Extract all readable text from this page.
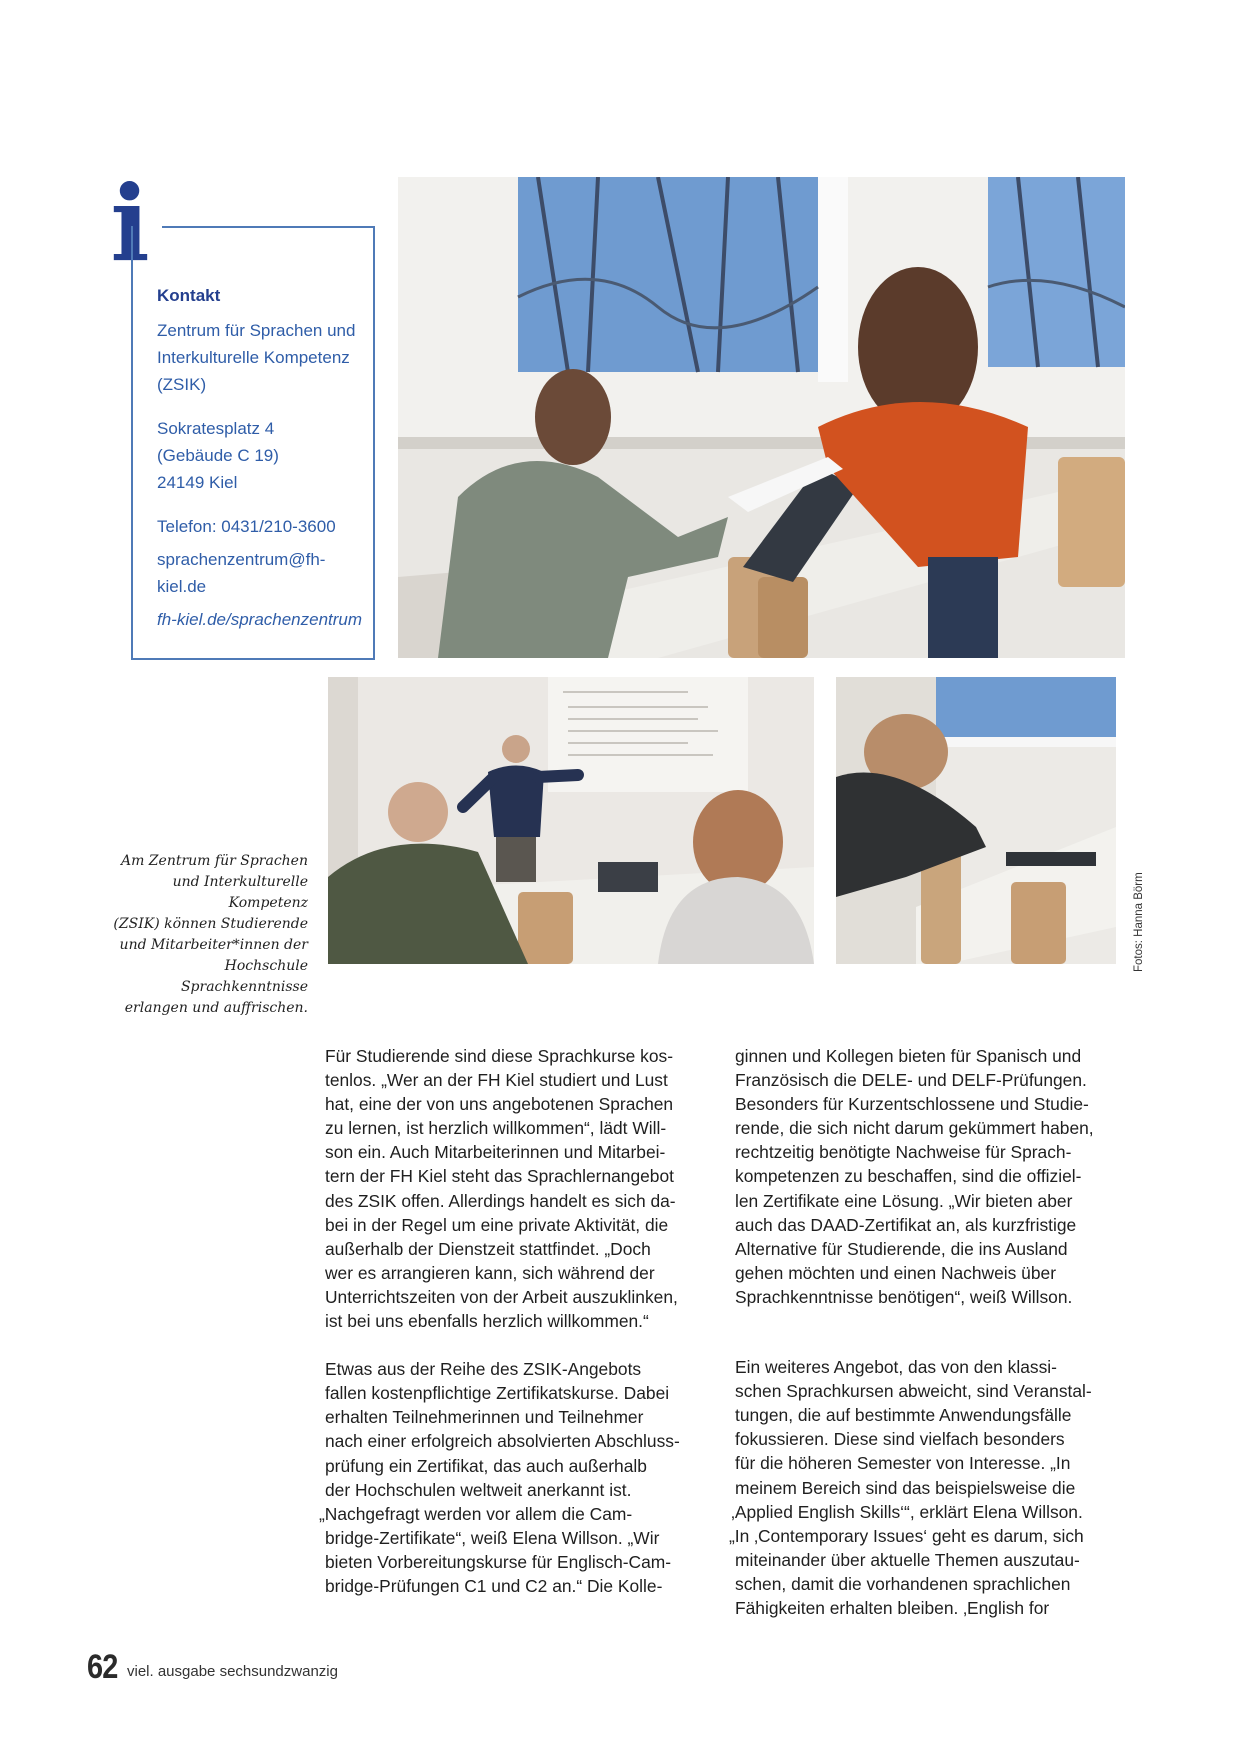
i
Kontakt

Zentrum für Sprachen und
Interkulturelle Kompetenz
(ZSIK)

Sokratesplatz 4
(Gebäude C 19)
24149 Kiel

Telefon: 0431/210-3600
sprachenzentrum@fh-kiel.de
fh-kiel.de/sprachenzentrum
Am Zentrum für Sprachen
und Interkulturelle Kompetenz
(ZSIK) können Studierende
und Mitarbeiter*innen der
Hochschule Sprachkenntnisse
erlangen und auffrischen.
Fotos: Hanna Börm

Für Studierende sind diese Sprachkurse kos-
tenlos. „Wer an der FH Kiel studiert und Lust
hat, eine der von uns angebotenen Sprachen
zu lernen, ist herzlich willkommen“, lädt Will-
son ein. Auch Mitarbeiterinnen und Mitarbei-
tern der FH Kiel steht das Sprachlernangebot
des ZSIK offen. Allerdings handelt es sich da-
bei in der Regel um eine private Aktivität, die
außerhalb der Dienstzeit stattfindet. „Doch
wer es arrangieren kann, sich während der
Unterrichtszeiten von der Arbeit auszuklinken,
ist bei uns ebenfalls herzlich willkommen.“

Etwas aus der Reihe des ZSIK-Angebots
fallen kostenpflichtige Zertifikatskurse. Dabei
erhalten Teilnehmerinnen und Teilnehmer
nach einer erfolgreich absolvierten Abschluss-
prüfung ein Zertifikat, das auch außerhalb
der Hochschulen weltweit anerkannt ist.
„Nachgefragt werden vor allem die Cam-
bridge-Zertifikate“, weiß Elena Willson. „Wir
bieten Vorbereitungskurse für Englisch-Cam-
bridge-Prüfungen C1 und C2 an.“ Die Kolle-

ginnen und Kollegen bieten für Spanisch und
Französisch die DELE- und DELF-Prüfungen.
Besonders für Kurzentschlossene und Studie-
rende, die sich nicht darum gekümmert haben,
rechtzeitig benötigte Nachweise für Sprach-
kompetenzen zu beschaffen, sind die offiziel-
len Zertifikate eine Lösung. „Wir bieten aber
auch das DAAD-Zertifikat an, als kurzfristige
Alternative für Studierende, die ins Ausland
gehen möchten und einen Nachweis über
Sprachkenntnisse benötigen“, weiß Willson.

Ein weiteres Angebot, das von den klassi-
schen Sprachkursen abweicht, sind Veranstal-
tungen, die auf bestimmte Anwendungsfälle
fokussieren. Diese sind vielfach besonders
für die höheren Semester von Interesse. „In
meinem Bereich sind das beispielsweise die
‚Applied English Skills‘“, erklärt Elena Willson.
„In ‚Contemporary Issues‘ geht es darum, sich
miteinander über aktuelle Themen auszutau-
schen, damit die vorhandenen sprachlichen
Fähigkeiten erhalten bleiben. ‚English for

62 viel. ausgabe sechsundzwanzig
